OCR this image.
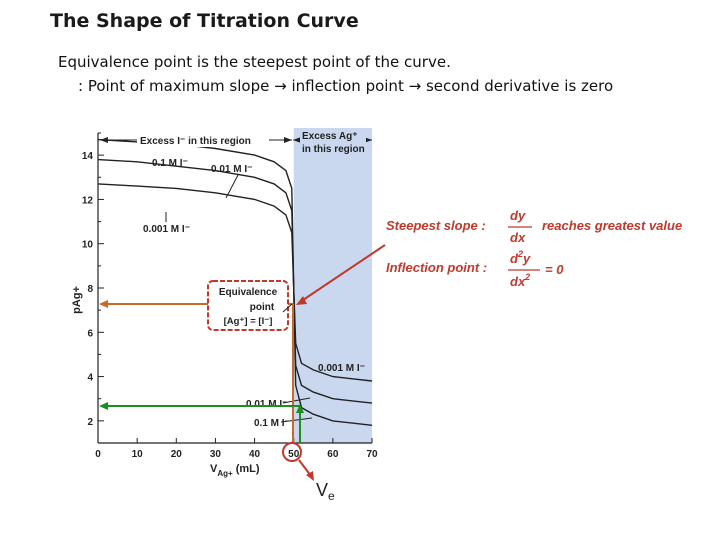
The Shape of Titration Curve
Equivalence point is the steepest point of the curve.
: Point of maximum slope → inflection point → second derivative is zero
0	10	20	30	40	50	60	70
2
4
6
8
10
12
14
Excess I⁻ in this region	Excess Ag⁺
in this region
0.1 M I⁻
0.01 M I⁻
0.001 M I⁻
0.001 M I⁻
0.01 M I⁻
0.1 M I⁻
Equivalence
point
[Ag⁺] = [I⁻]
Steepest slope :
dy
dx
reaches greatest value
Inflection point :
$d^2y$
$dx^2 = 0$
pAg+
$V_{Ag+}$ (mL)
$V_e$
